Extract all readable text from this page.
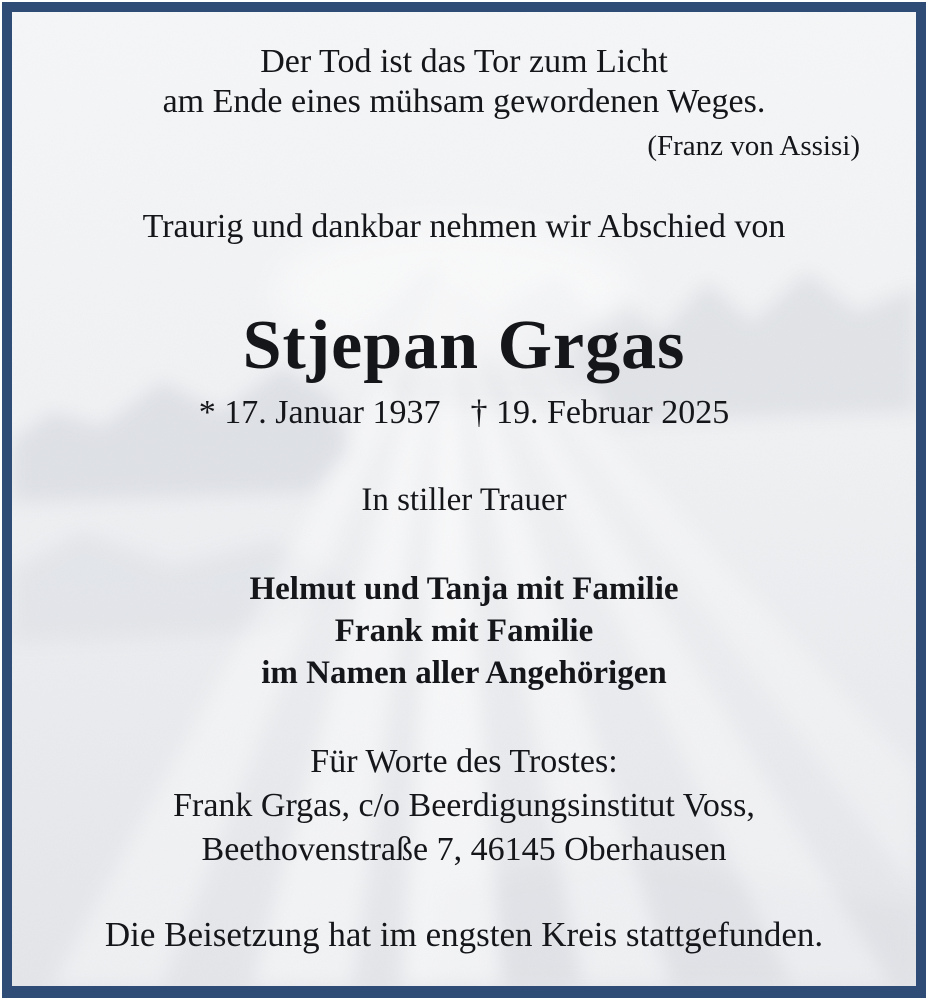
Der Tod ist das Tor zum Licht
am Ende eines mühsam gewordenen Weges.

(Franz von Assisi)

Traurig und dankbar nehmen wir Abschied von

Stjepan Grgas
* 17. Januar 1937 † 19. Februar 2025

In stiller Trauer

Helmut und Tanja mit Familie
Frank mit Familie
im Namen aller Angehörigen
Für Worte des Trostes:
Frank Grgas, c/o Beerdigungsinstitut Voss,
Beethovenstraße 7, 46145 Oberhausen

Die Beisetzung hat im engsten Kreis stattgefunden.
